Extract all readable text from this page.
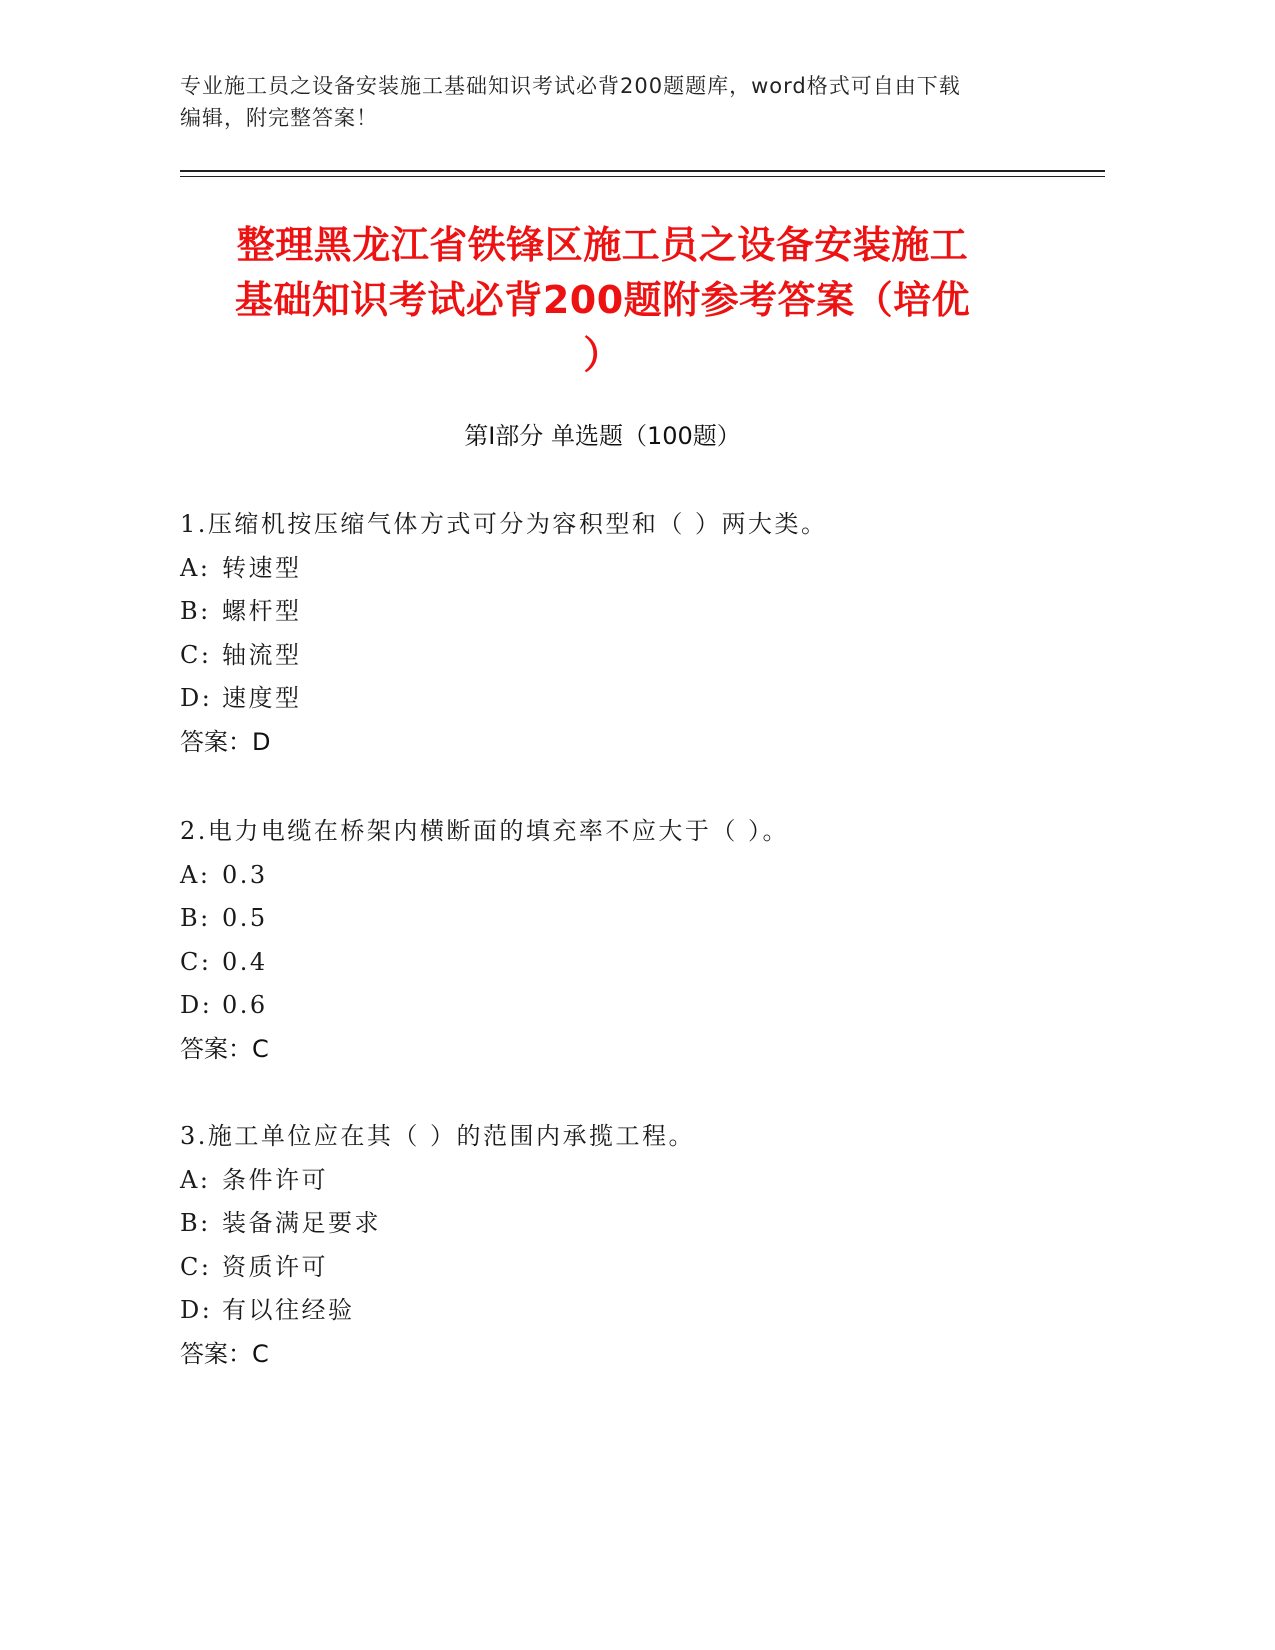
专业施工员之设备安装施工基础知识考试必背200题题库，word格式可自由下载
编辑，附完整答案！
整理黑龙江省铁锋区施工员之设备安装施工
基础知识考试必背200题附参考答案（培优
）
第I部分 单选题（100题）
1.压缩机按压缩气体方式可分为容积型和（ ）两大类。
A: 转速型
B: 螺杆型
C: 轴流型
D: 速度型
答案：D
2.电力电缆在桥架内横断面的填充率不应大于（ ）。
A: 0.3
B: 0.5
C: 0.4
D: 0.6
答案：C
3.施工单位应在其（ ）的范围内承揽工程。
A: 条件许可
B: 装备满足要求
C: 资质许可
D: 有以往经验
答案：C
